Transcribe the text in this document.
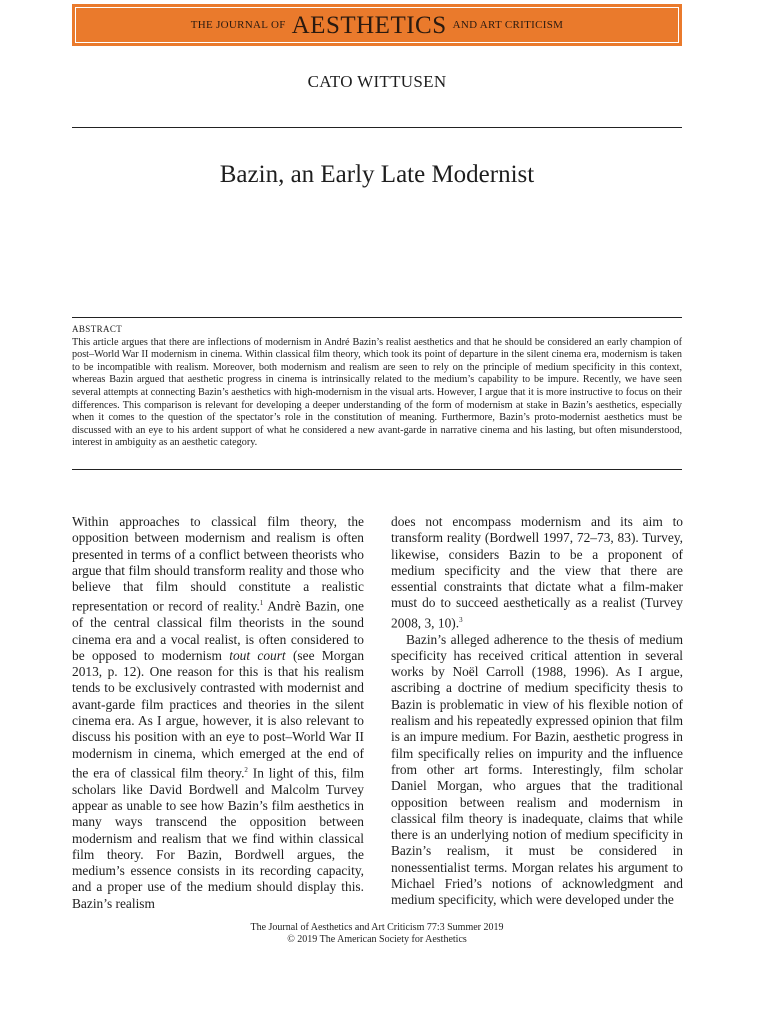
THE JOURNAL OF AESTHETICS AND ART CRITICISM
CATO WITTUSEN
Bazin, an Early Late Modernist
ABSTRACT
This article argues that there are inflections of modernism in André Bazin’s realist aesthetics and that he should be considered an early champion of post–World War II modernism in cinema. Within classical film theory, which took its point of departure in the silent cinema era, modernism is taken to be incompatible with realism. Moreover, both modernism and realism are seen to rely on the principle of medium specificity in this context, whereas Bazin argued that aesthetic progress in cinema is intrinsically related to the medium’s capability to be impure. Recently, we have seen several attempts at connecting Bazin’s aesthetics with high-modernism in the visual arts. However, I argue that it is more instructive to focus on their differences. This comparison is relevant for developing a deeper understanding of the form of modernism at stake in Bazin’s aesthetics, especially when it comes to the question of the spectator’s role in the constitution of meaning. Furthermore, Bazin’s proto-modernist aesthetics must be discussed with an eye to his ardent support of what he considered a new avant-garde in narrative cinema and his lasting, but often misunderstood, interest in ambiguity as an aesthetic category.

Within approaches to classical film theory, the opposition between modernism and realism is often presented in terms of a conflict between theorists who argue that film should transform reality and those who believe that film should constitute a realistic representation or record of reality.$^1$ Andrè Bazin, one of the central classical film theorists in the sound cinema era and a vocal realist, is often considered to be opposed to modernism tout court (see Morgan 2013, p. 12). One reason for this is that his realism tends to be exclusively contrasted with modernist and avant-garde film practices and theories in the silent cinema era. As I argue, however, it is also relevant to discuss his position with an eye to post–World War II modernism in cinema, which emerged at the end of the era of classical film theory.$^2$ In light of this, film scholars like David Bordwell and Malcolm Turvey appear as unable to see how Bazin’s film aesthetics in many ways transcend the opposition between modernism and realism that we find within classical film theory. For Bazin, Bordwell argues, the medium’s essence consists in its recording capacity, and a proper use of the medium should display this. Bazin’s realism

does not encompass modernism and its aim to transform reality (Bordwell 1997, 72–73, 83). Turvey, likewise, considers Bazin to be a proponent of medium specificity and the view that there are essential constraints that dictate what a film-maker must do to succeed aesthetically as a realist (Turvey 2008, 3, 10).$^3$

Bazin’s alleged adherence to the thesis of medium specificity has received critical attention in several works by Noël Carroll (1988, 1996). As I argue, ascribing a doctrine of medium specificity thesis to Bazin is problematic in view of his flexible notion of realism and his repeatedly expressed opinion that film is an impure medium. For Bazin, aesthetic progress in film specifically relies on impurity and the influence from other art forms. Interestingly, film scholar Daniel Morgan, who argues that the traditional opposition between realism and modernism in classical film theory is inadequate, claims that while there is an underlying notion of medium specificity in Bazin’s realism, it must be considered in nonessentialist terms. Morgan relates his argument to Michael Fried’s notions of acknowledgment and medium specificity, which were developed under the

The Journal of Aesthetics and Art Criticism 77:3 Summer 2019
© 2019 The American Society for Aesthetics
